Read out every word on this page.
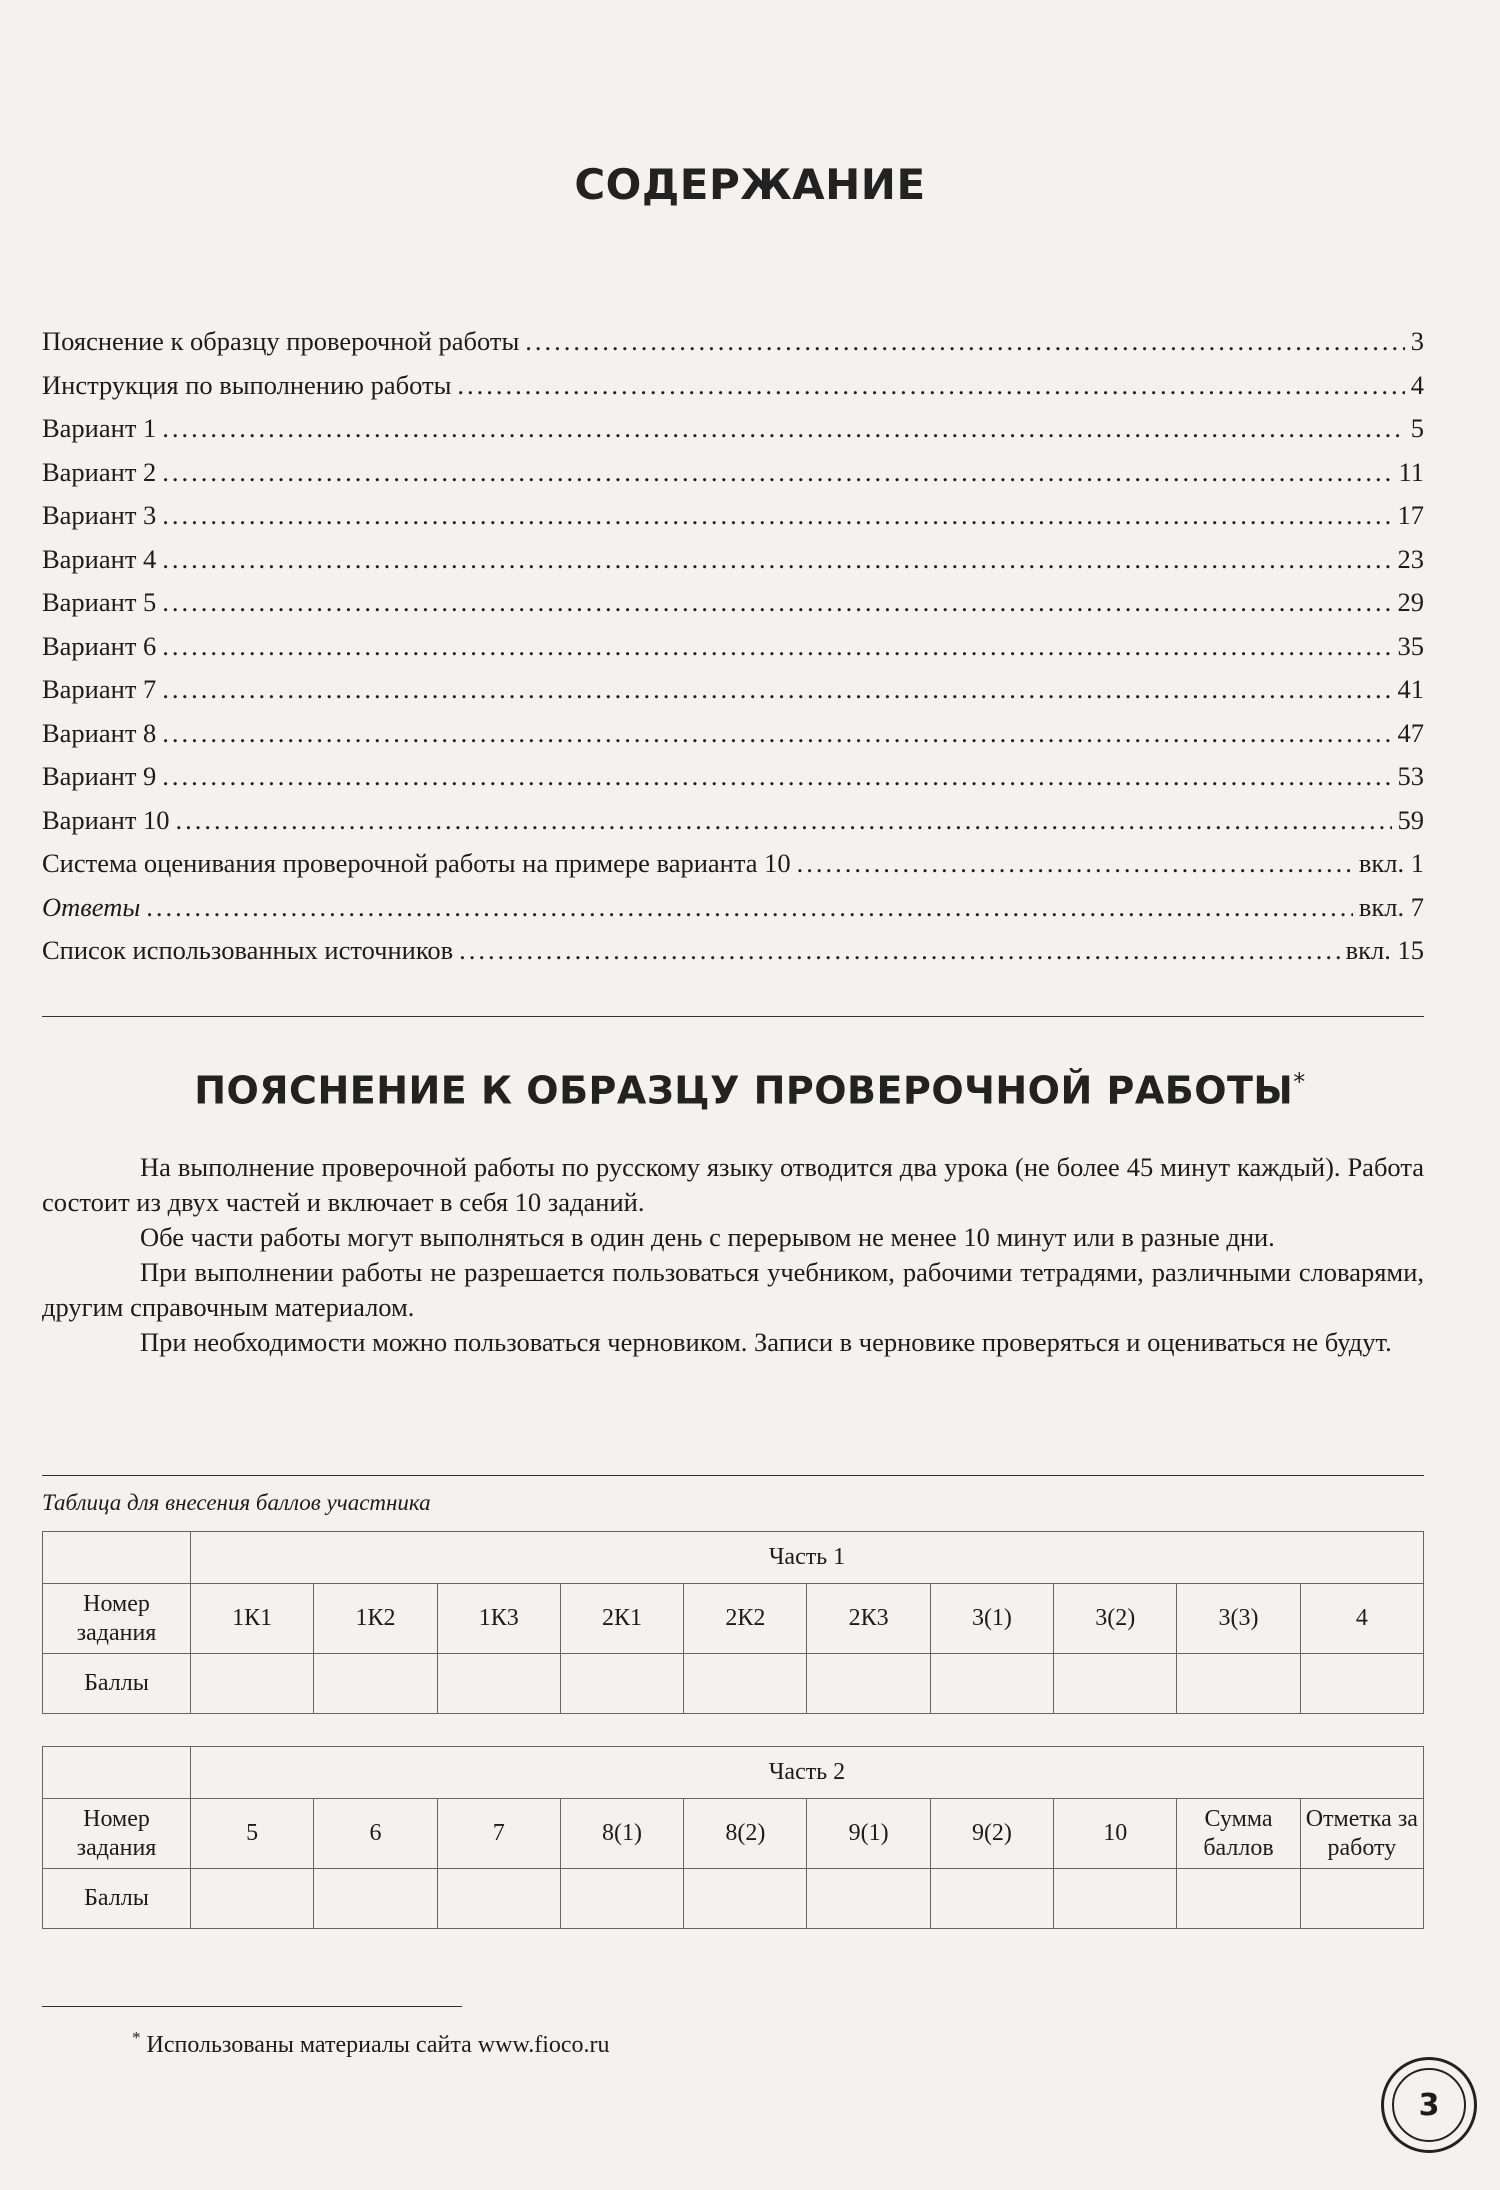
СОДЕРЖАНИЕ
Пояснение к образцу проверочной работы .....	3
Инструкция по выполнению работы .....	4
Вариант 1 .....	5
Вариант 2 .....	11
Вариант 3 .....	17
Вариант 4 .....	23
Вариант 5 .....	29
Вариант 6 .....	35
Вариант 7 .....	41
Вариант 8 .....	47
Вариант 9 .....	53
Вариант 10 .....	59
Система оценивания проверочной работы на примере варианта 10 .....	вкл. 1
Ответы .....	вкл. 7
Список использованных источников .....	вкл. 15
ПОЯСНЕНИЕ К ОБРАЗЦУ ПРОВЕРОЧНОЙ РАБОТЫ*

На выполнение проверочной работы по русскому языку отводится два урока (не более 45 минут каждый). Работа состоит из двух частей и включает в себя 10 заданий.

Обе части работы могут выполняться в один день с перерывом не менее 10 минут или в разные дни.

При выполнении работы не разрешается пользоваться учебником, рабочими тетрадями, различными словарями, другим справочным материалом.

При необходимости можно пользоваться черновиком. Записи в черновике проверяться и оцениваться не будут.

Таблица для внесения баллов участника
	Часть 1									
Номер задания	1К1	1К2	1К3	2К1	2К2	2К3	3(1)	3(2)	3(3)	4
Баллы										
	Часть 2									
Номер задания	5	6	7	8(1)	8(2)	9(1)	9(2)	10	Сумма баллов	Отметка за работу
Баллы										
* Использованы материалы сайта www.fioco.ru
3
